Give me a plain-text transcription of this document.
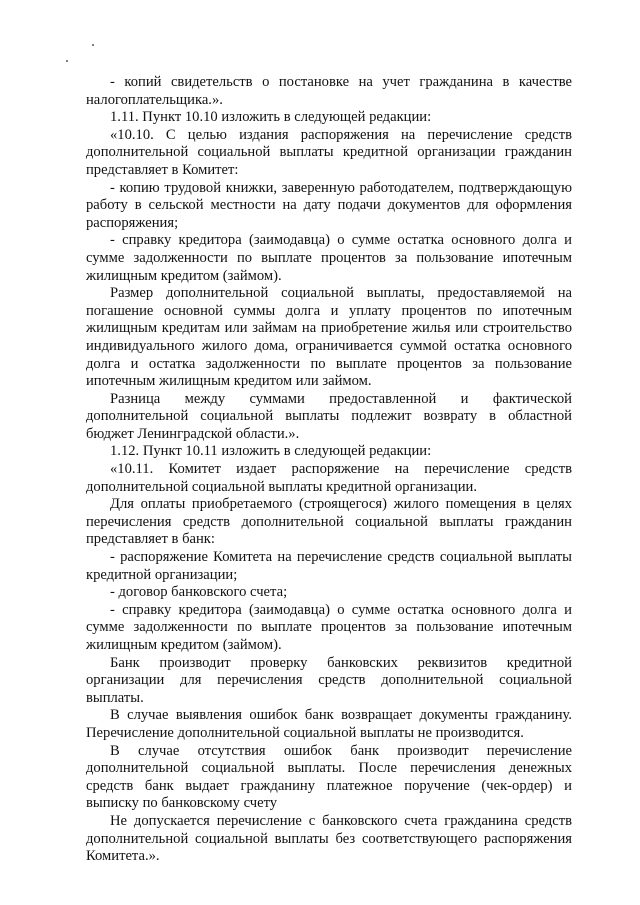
- копий свидетельств о постановке на учет гражданина в качестве налогоплательщика.».

1.11. Пункт 10.10 изложить в следующей редакции:

«10.10. С целью издания распоряжения на перечисление средств дополнительной социальной выплаты кредитной организации гражданин представляет в Комитет:

- копию трудовой книжки, заверенную работодателем, подтверждающую работу в сельской местности на дату подачи документов для оформления распоряжения;

- справку кредитора (заимодавца) о сумме остатка основного долга и сумме задолженности по выплате процентов за пользование ипотечным жилищным кредитом (займом).

Размер дополнительной социальной выплаты, предоставляемой на погашение основной суммы долга и уплату процентов по ипотечным жилищным кредитам или займам на приобретение жилья или строительство индивидуального жилого дома, ограничивается суммой остатка основного долга и остатка задолженности по выплате процентов за пользование ипотечным жилищным кредитом или займом.

Разница между суммами предоставленной и фактической дополнительной социальной выплаты подлежит возврату в областной бюджет Ленинградской области.».

1.12. Пункт 10.11 изложить в следующей редакции:

«10.11. Комитет издает распоряжение на перечисление средств дополнительной социальной выплаты кредитной организации.

Для оплаты приобретаемого (строящегося) жилого помещения в целях перечисления средств дополнительной социальной выплаты гражданин представляет в банк:

- распоряжение Комитета на перечисление средств социальной выплаты кредитной организации;

- договор банковского счета;

- справку кредитора (заимодавца) о сумме остатка основного долга и сумме задолженности по выплате процентов за пользование ипотечным жилищным кредитом (займом).

Банк производит проверку банковских реквизитов кредитной организации для перечисления средств дополнительной социальной выплаты.

В случае выявления ошибок банк возвращает документы гражданину. Перечисление дополнительной социальной выплаты не производится.

В случае отсутствия ошибок банк производит перечисление дополнительной социальной выплаты. После перечисления денежных средств банк выдает гражданину платежное поручение (чек-ордер) и выписку по банковскому счету

Не допускается перечисление с банковского счета гражданина средств дополнительной социальной выплаты без соответствующего распоряжения Комитета.».
